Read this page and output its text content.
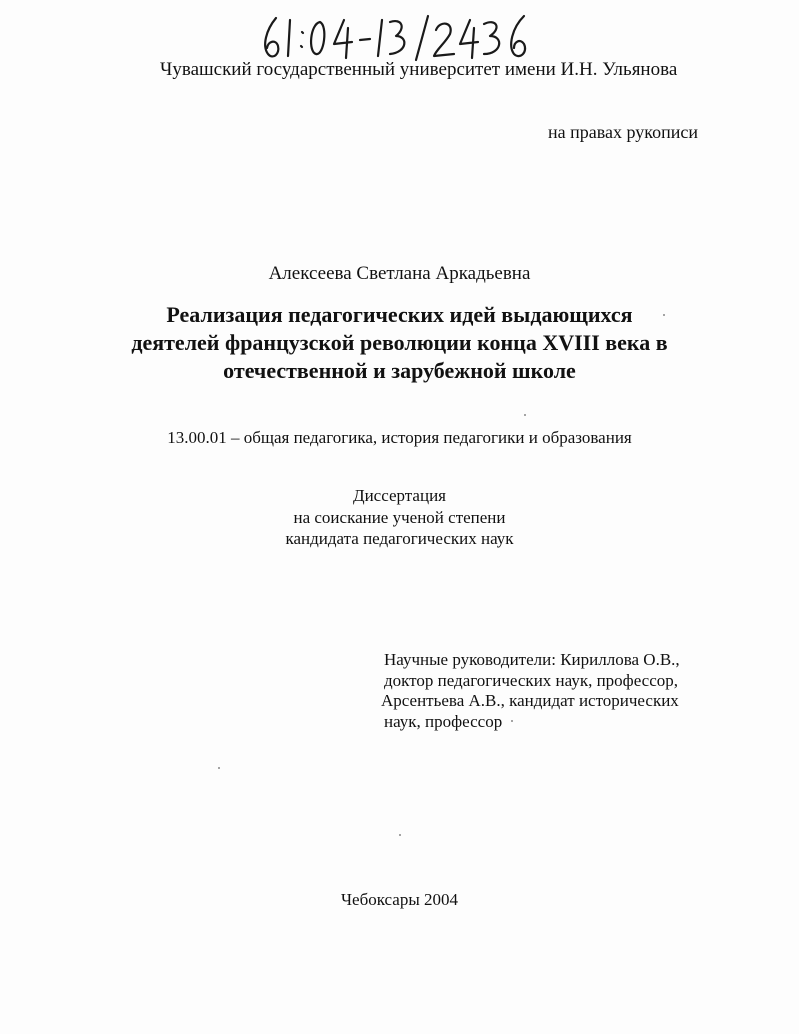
Чувашский государственный университет имени И.Н. Ульянова
на правах рукописи
Алексеева Светлана Аркадьевна
Реализация педагогических идей выдающихся
деятелей французской революции конца XVIII века в
отечественной и зарубежной школе
13.00.01 – общая педагогика, история педагогики и образования
Диссертация
на соискание ученой степени
кандидата педагогических наук
Научные руководители: Кириллова О.В.,
доктор педагогических наук, профессор,
Арсентьева А.В., кандидат исторических
наук, профессор
Чебоксары 2004
